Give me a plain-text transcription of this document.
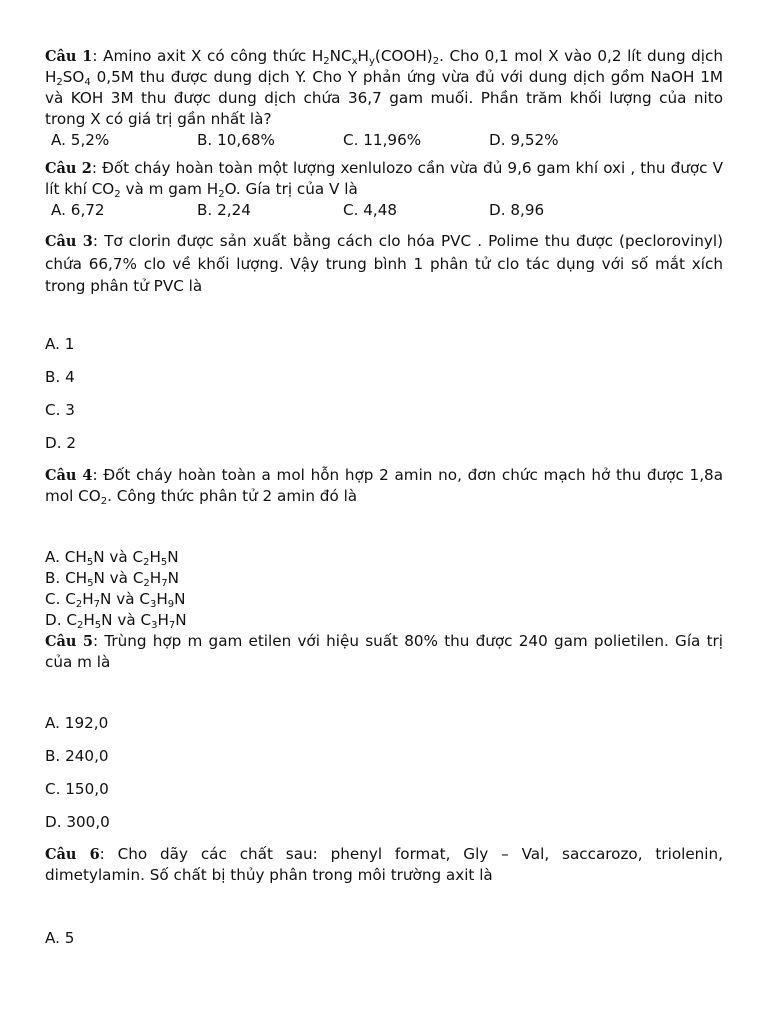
Câu 1: Amino axit X có công thức $H_2NC_xH_y(COOH)_2$. Cho 0,1 mol X vào 0,2 lít dung dịch $H_2SO_4$ 0,5M thu được dung dịch Y. Cho Y phản ứng vừa đủ với dung dịch gồm NaOH 1M và KOH 3M thu được dung dịch chứa 36,7 gam muối. Phần trăm khối lượng của nito trong X có giá trị gần nhất là?

A. 5,2%	B. 10,68%	C. 11,96%	D. 9,52%

Câu 2: Đốt cháy hoàn toàn một lượng xenlulozo cần vừa đủ 9,6 gam khí oxi , thu được V lít khí $CO_2$ và m gam $H_2O$. Gía trị của V là

A. 6,72	B. 2,24	C. 4,48	D. 8,96

Câu 3: Tơ clorin được sản xuất bằng cách clo hóa PVC . Polime thu được (peclorovinyl) chứa 66,7% clo về khối lượng. Vậy trung bình 1 phân tử clo tác dụng với số mắt xích trong phân tử PVC là

A. 1
B. 4
C. 3
D. 2

Câu 4: Đốt cháy hoàn toàn a mol hỗn hợp 2 amin no, đơn chức mạch hở thu được 1,8a mol $CO_2$. Công thức phân tử 2 amin đó là

A. $CH_5N$ và $C_2H_5N$
B. $CH_5N$ và $C_2H_7N$
C. $C_2H_7N$ và $C_3H_9N$
D. $C_2H_5N$ và $C_3H_7N$

Câu 5: Trùng hợp m gam etilen với hiệu suất 80% thu được 240 gam polietilen. Gía trị của m là

A. 192,0
B. 240,0
C. 150,0
D. 300,0

Câu 6: Cho dãy các chất sau: phenyl format, Gly – Val, saccarozo, triolenin, dimetylamin. Số chất bị thủy phân trong môi trường axit là

A. 5
